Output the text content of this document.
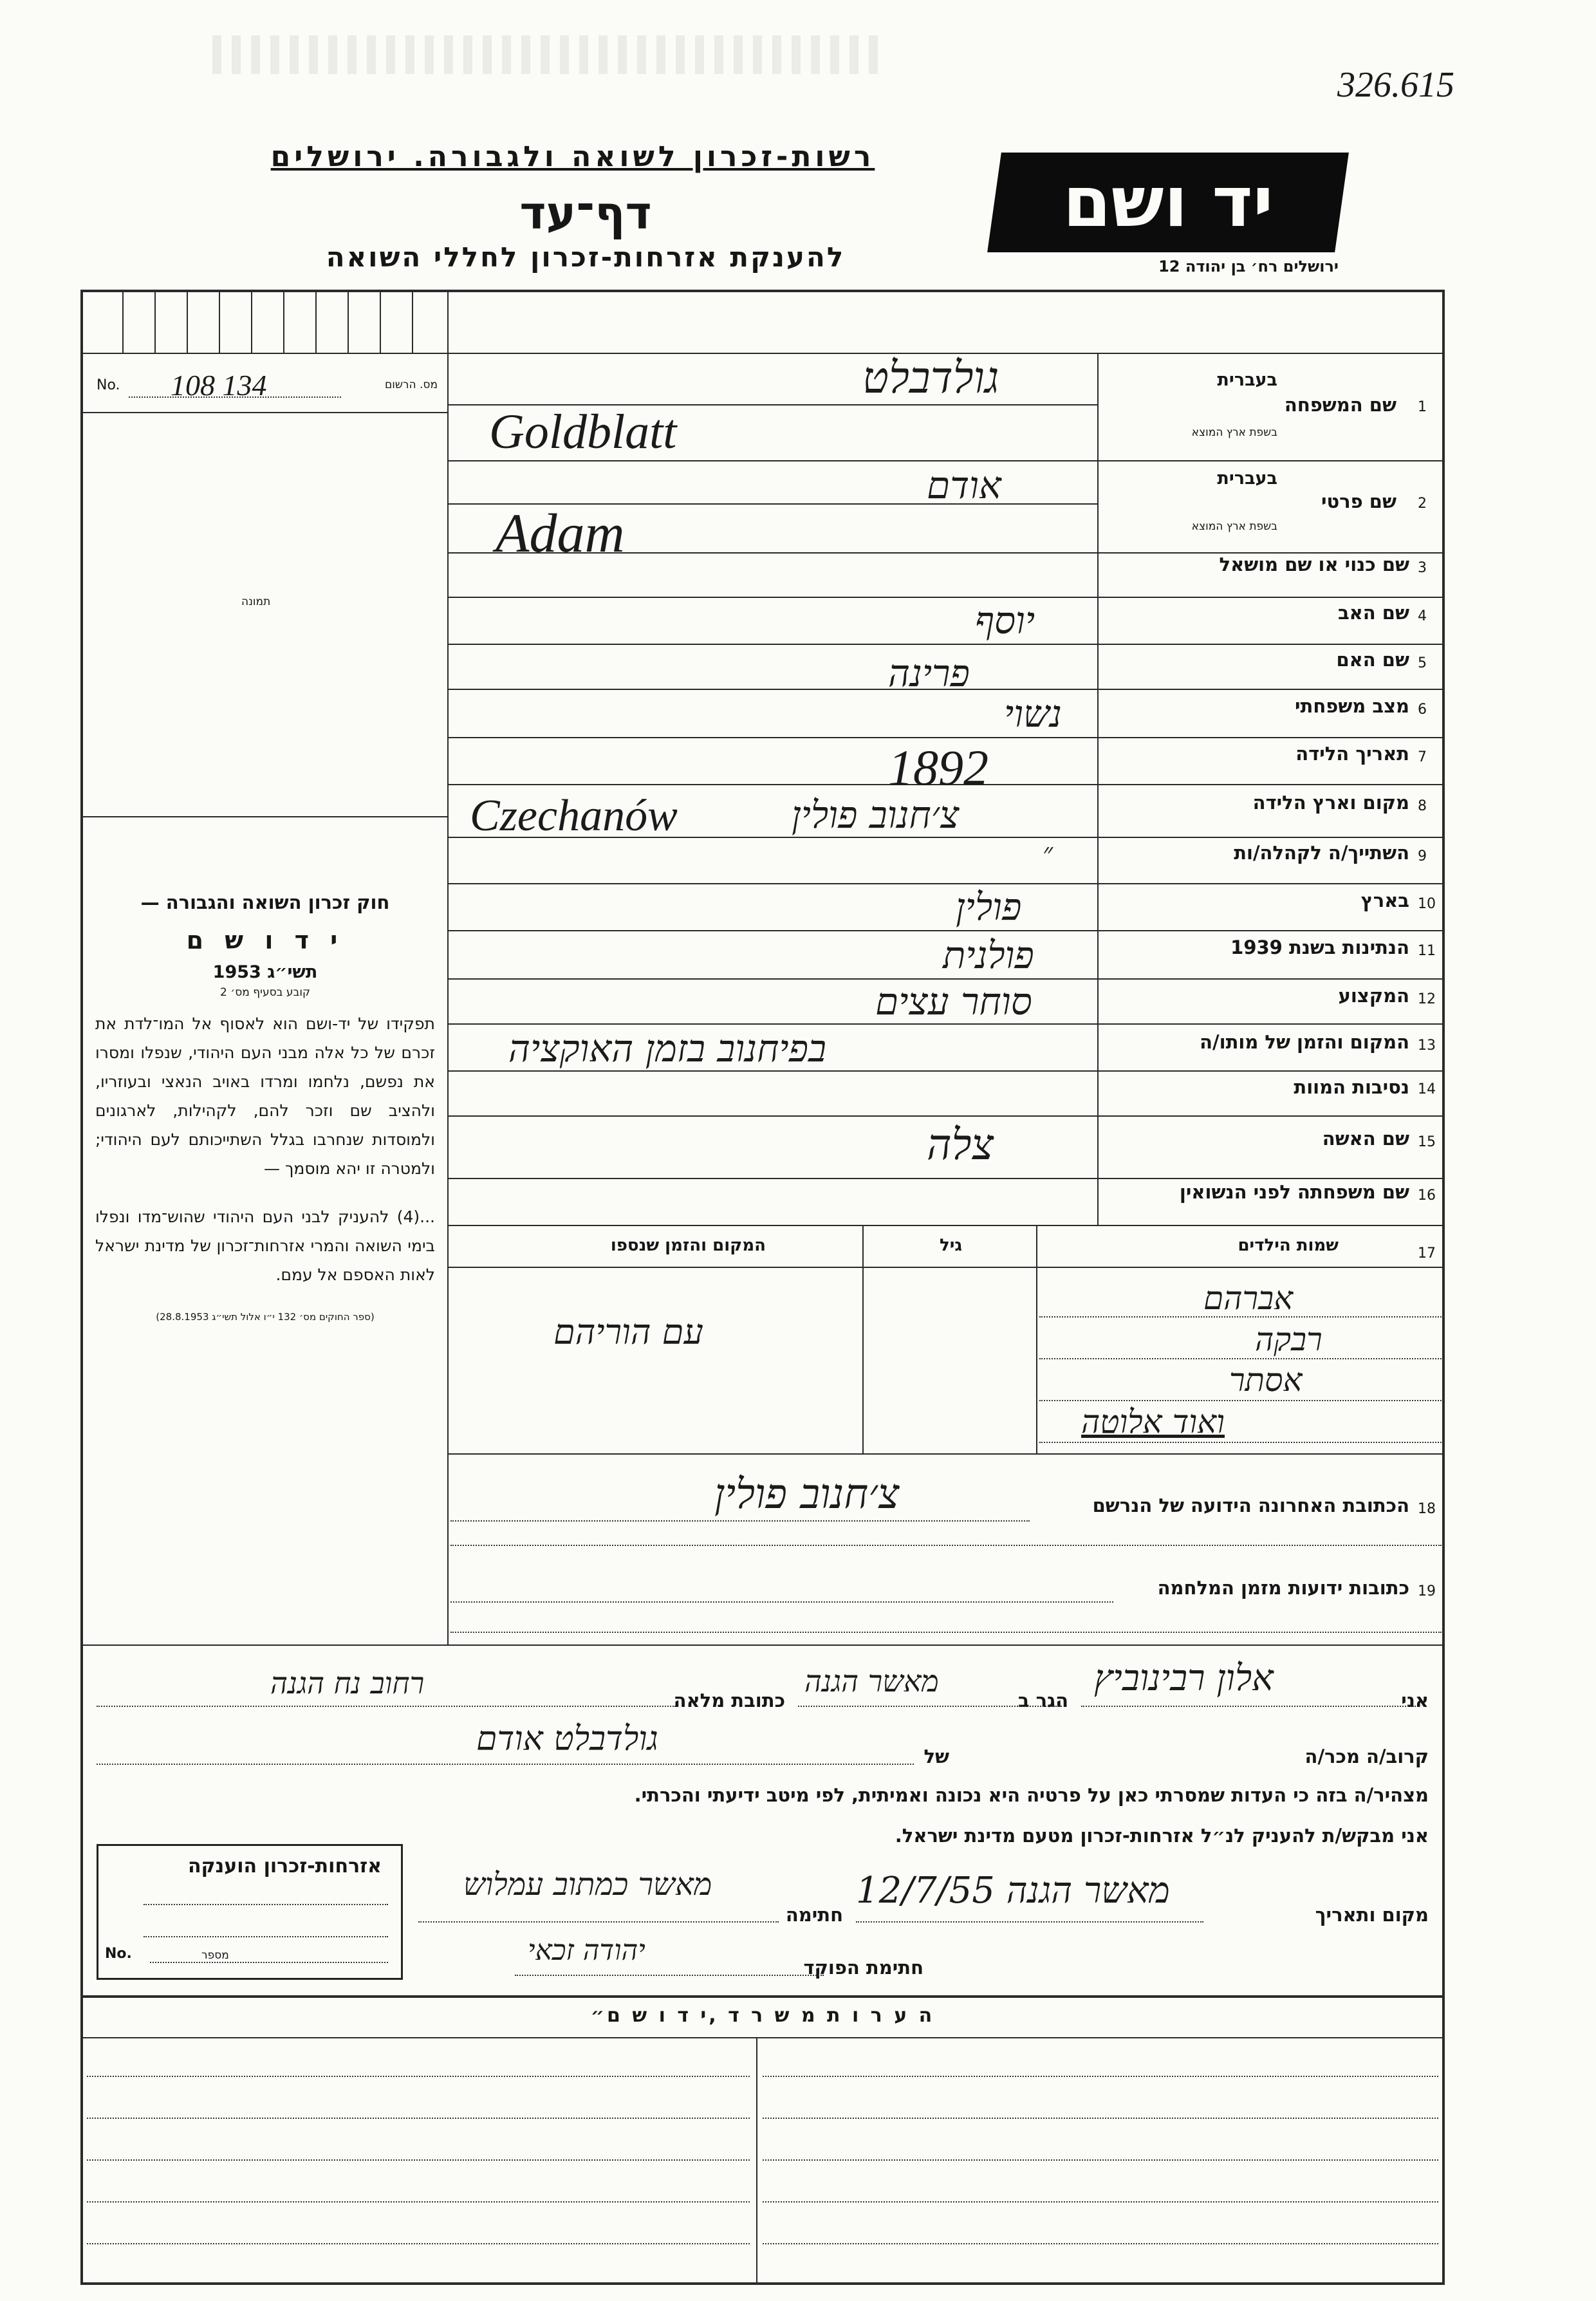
326.615
רשות-זכרון לשואה ולגבורה. ירושלים
דף־עד
להענקת אזרחות-זכרון לחללי השואה
יד ושם
ירושלים רח׳ בן יהודה 12
No. 108 134	מס. הרשום
תמונה

חוק זכרון השואה והגבורה —

י ד ו ש ם

תשי״ג 1953

קובע בסעיף מס׳ 2

תפקידו של יד-ושם הוא לאסוף אל המו־לדת את זכרם של כל אלה מבני העם היהודי, שנפלו ומסרו את נפשם, נלחמו ומרדו באויב הנאצי ובעוזריו, ולהציב שם וזכר להם, לקהילות, לארגונים ולמוסדות שנחרבו בגלל השתייכותם לעם היהודי; ולמטרה זו יהא מוסמך —

...(4) להעניק לבני העם היהודי שהוש־מדו ונפלו בימי השואה והמרי אזרחות־זכרון של מדינת ישראל לאות האספם אל עמם.

(ספר החוקים מס׳ 132 י״ו אלול תשי״ג 28.8.1953)

1
שם המשפחה
בעברית
בשפת ארץ המוצא
גולדבלט
Goldblatt
2
שם פרטי
בעברית
בשפת ארץ המוצא
אודם
Adam
3
שם כנוי או שם מושאל
4
שם האב
יוסף
5
שם האם
פרינה
6
מצב משפחתי
נשוי
7
תאריך הלידה
1892
8
מקום וארץ הלידה
צ׳חנוב פולין
Czechanów
9
השתייך/ה לקהלה/ות
״
10
בארץ
פולין
11
הנתינות בשנת 1939
פולנית
12
המקצוע
סוחר עצים
13
המקום והזמן של מותו/ה
בפיחנוב בזמן האוקציה
14
נסיבות המוות
15
שם האשה
צלה
16
שם משפחתה לפני הנשואין
17
שמות הילדים
גיל
המקום והזמן שנספו
אברהם
רבקה
אסתר
ואוד אלוטה
עם הוריהם
18
הכתובת האחרונה הידועה של הנרשם
צ׳חנוב פולין
19
כתובות ידועות מזמן המלחמה
אני
אלון רבינוביץ
הגר ב
מאשר הגנה
כתובת מלאה
רחוב נח הגנה
קרוב/ה מכר/ה
של
גולדבלט אודם
מצהיר/ה בזה כי העדות שמסרתי כאן על פרטיה היא נכונה ואמיתית, לפי מיטב ידיעתי והכרתי.
אני מבקש/ת להעניק לנ״ל אזרחות-זכרון מטעם מדינת ישראל.
מקום ותאריך
מאשר הגנה 12/7/55
חתימה
מאשר כמתוב עמלוש
חתימת הפוקד
יהודה זכאי
אזרחות-זכרון הוענקה
No.	מספר
ה ע ר ו ת מ ש ר ד ,י ד ו ש ם״
